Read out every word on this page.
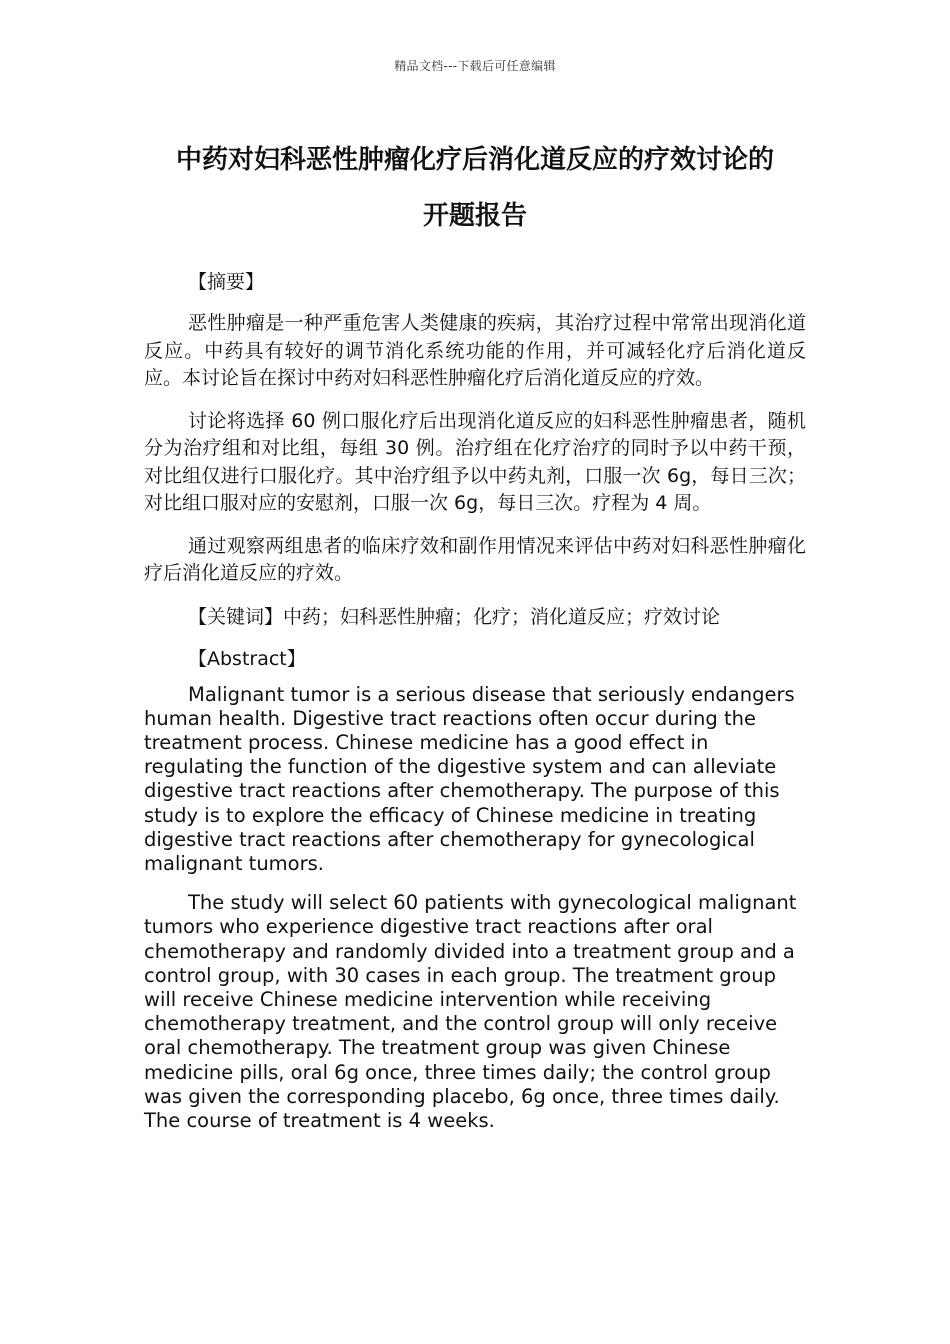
精品文档---下载后可任意编辑
中药对妇科恶性肿瘤化疗后消化道反应的疗效讨论的
开题报告

【摘要】

恶性肿瘤是一种严重危害人类健康的疾病，其治疗过程中常常出现消化道反应。中药具有较好的调节消化系统功能的作用，并可减轻化疗后消化道反应。本讨论旨在探讨中药对妇科恶性肿瘤化疗后消化道反应的疗效。

讨论将选择 60 例口服化疗后出现消化道反应的妇科恶性肿瘤患者，随机分为治疗组和对比组，每组 30 例。治疗组在化疗治疗的同时予以中药干预，对比组仅进行口服化疗。其中治疗组予以中药丸剂，口服一次 6g，每日三次；对比组口服对应的安慰剂，口服一次 6g，每日三次。疗程为 4 周。

通过观察两组患者的临床疗效和副作用情况来评估中药对妇科恶性肿瘤化疗后消化道反应的疗效。

【关键词】中药；妇科恶性肿瘤；化疗；消化道反应；疗效讨论

【Abstract】

Malignant tumor is a serious disease that seriously endangers human health. Digestive tract reactions often occur during the treatment process. Chinese medicine has a good effect in regulating the function of the digestive system and can alleviate digestive tract reactions after chemotherapy. The purpose of this study is to explore the efficacy of Chinese medicine in treating digestive tract reactions after chemotherapy for gynecological malignant tumors.

The study will select 60 patients with gynecological malignant tumors who experience digestive tract reactions after oral chemotherapy and randomly divided into a treatment group and a control group, with 30 cases in each group. The treatment group will receive Chinese medicine intervention while receiving chemotherapy treatment, and the control group will only receive oral chemotherapy. The treatment group was given Chinese medicine pills, oral 6g once, three times daily; the control group was given the corresponding placebo, 6g once, three times daily. The course of treatment is 4 weeks.
